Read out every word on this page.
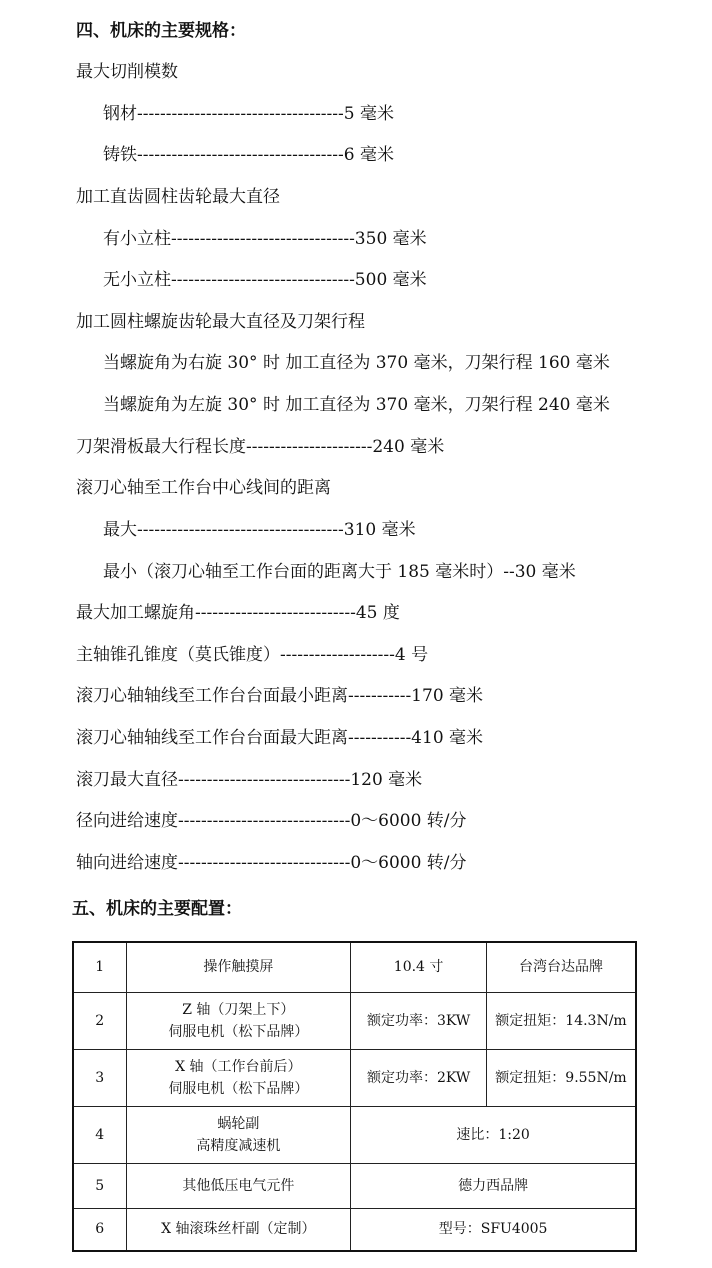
四、机床的主要规格：
最大切削模数
钢材------------------------------------5 毫米
铸铁------------------------------------6 毫米
加工直齿圆柱齿轮最大直径
有小立柱--------------------------------350 毫米
无小立柱--------------------------------500 毫米
加工圆柱螺旋齿轮最大直径及刀架行程
当螺旋角为右旋 30° 时 加工直径为 370 毫米，刀架行程 160 毫米
当螺旋角为左旋 30° 时 加工直径为 370 毫米，刀架行程 240 毫米
刀架滑板最大行程长度----------------------240 毫米
滚刀心轴至工作台中心线间的距离
最大------------------------------------310 毫米
最小（滚刀心轴至工作台面的距离大于 185 毫米时）--30 毫米
最大加工螺旋角----------------------------45 度
主轴锥孔锥度（莫氏锥度）--------------------4 号
滚刀心轴轴线至工作台台面最小距离-----------170 毫米
滚刀心轴轴线至工作台台面最大距离-----------410 毫米
滚刀最大直径------------------------------120 毫米
径向进给速度------------------------------0～6000 转/分
轴向进给速度------------------------------0～6000 转/分
五、机床的主要配置：
1	操作触摸屏	10.4 寸	台湾台达品牌
2	Z 轴（刀架上下）
伺服电机（松下品牌）	额定功率：3KW	额定扭矩：14.3N/m
3	X 轴（工作台前后）
伺服电机（松下品牌）	额定功率：2KW	额定扭矩：9.55N/m
4	蜗轮副
高精度减速机	速比：1:20	
5	其他低压电气元件	德力西品牌	
6	X 轴滚珠丝杆副（定制）	型号：SFU4005	
